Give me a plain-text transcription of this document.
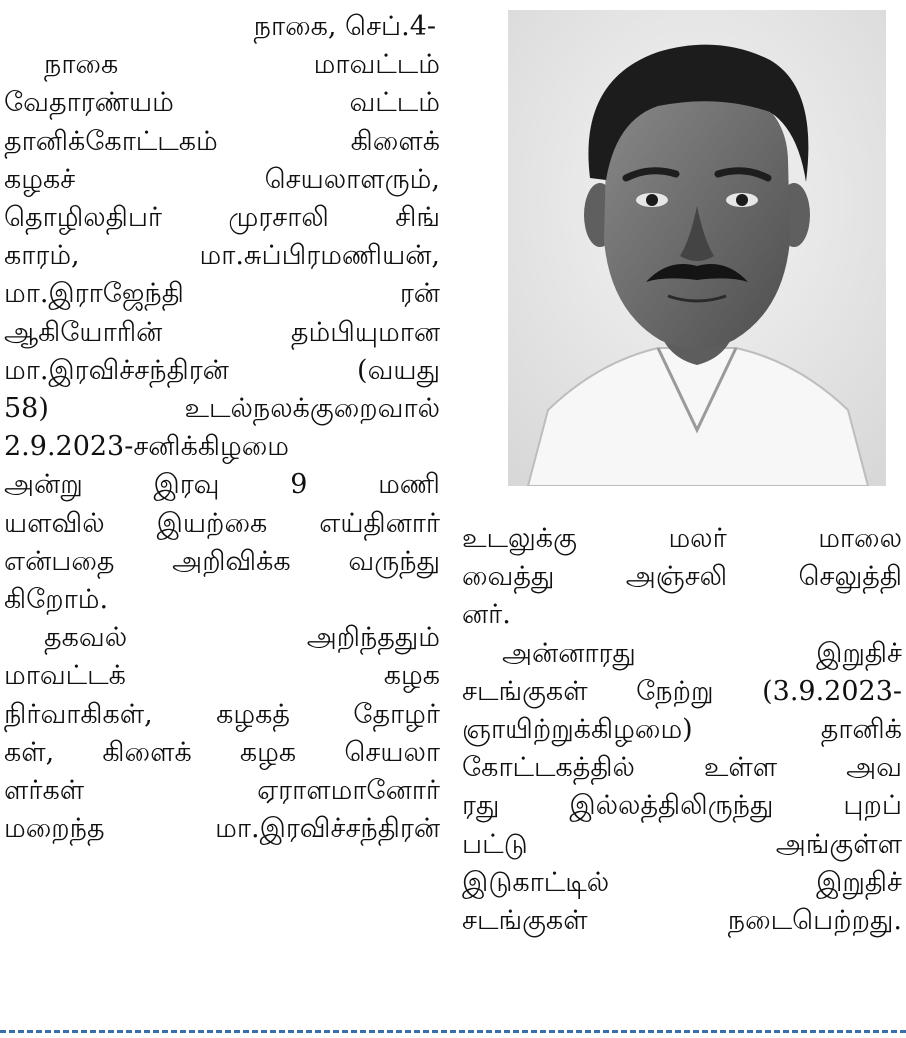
நாகை, செப்.4-
நாகை	மாவட்டம்
வேதாரண்யம்	வட்டம்
தானிக்கோட்டகம் கிளைக்
கழகச்	செயலாளரும்,
தொழிலதிபர் முரசாலி சிங்
காரம், மா.சுப்பிரமணியன்,
மா.இராஜேந்தி	ரன்
ஆகியோரின் தம்பியுமான
மா.இரவிச்சந்திரன் (வயது
58)	உடல்நலக்குறைவால்
2.9.2023-சனிக்கிழமை
அன்று	இரவு	9	மணி
யளவில் இயற்கை எய்தினார்
என்பதை அறிவிக்க வருந்து
கிறோம்.
தகவல்	அறிந்ததும்
மாவட்டக்	கழக
நிர்வாகிகள், கழகத் தோழர்
கள், கிளைக் கழக செயலா
ளர்கள்	ஏராளமானோர்
மறைந்த மா.இரவிச்சந்திரன்
உடலுக்கு	மலர்	மாலை
வைத்து அஞ்சலி செலுத்தி
னர்.
அன்னாரது	இறுதிச்
சடங்குகள் நேற்று (3.9.2023-
ஞாயிற்றுக்கிழமை) தானிக்
கோட்டகத்தில் உள்ள அவ
ரது இல்லத்திலிருந்து புறப்
பட்டு	அங்குள்ள
இடுகாட்டில்	இறுதிச்
சடங்குகள் நடைபெற்றது.
